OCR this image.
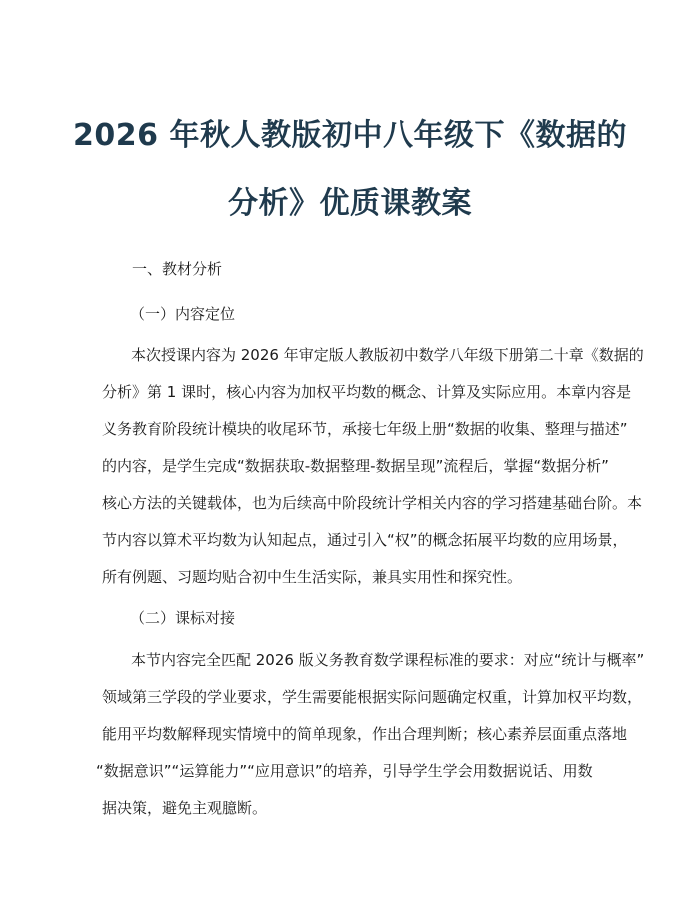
2026 年秋人教版初中八年级下《数据的
分析》优质课教案
一、教材分析
（一）内容定位
本次授课内容为 2026 年审定版人教版初中数学八年级下册第二十章《数据的
分析》第 1 课时，核心内容为加权平均数的概念、计算及实际应用。本章内容是
义务教育阶段统计模块的收尾环节，承接七年级上册“数据的收集、整理与描述”
的内容，是学生完成“数据获取-数据整理-数据呈现”流程后，掌握“数据分析”
核心方法的关键载体，也为后续高中阶段统计学相关内容的学习搭建基础台阶。本
节内容以算术平均数为认知起点，通过引入“权”的概念拓展平均数的应用场景，
所有例题、习题均贴合初中生生活实际，兼具实用性和探究性。
（二）课标对接
本节内容完全匹配 2026 版义务教育数学课程标准的要求：对应“统计与概率”
领域第三学段的学业要求，学生需要能根据实际问题确定权重，计算加权平均数，
能用平均数解释现实情境中的简单现象，作出合理判断；核心素养层面重点落地
“数据意识”“运算能力”“应用意识”的培养，引导学生学会用数据说话、用数
据决策，避免主观臆断。
